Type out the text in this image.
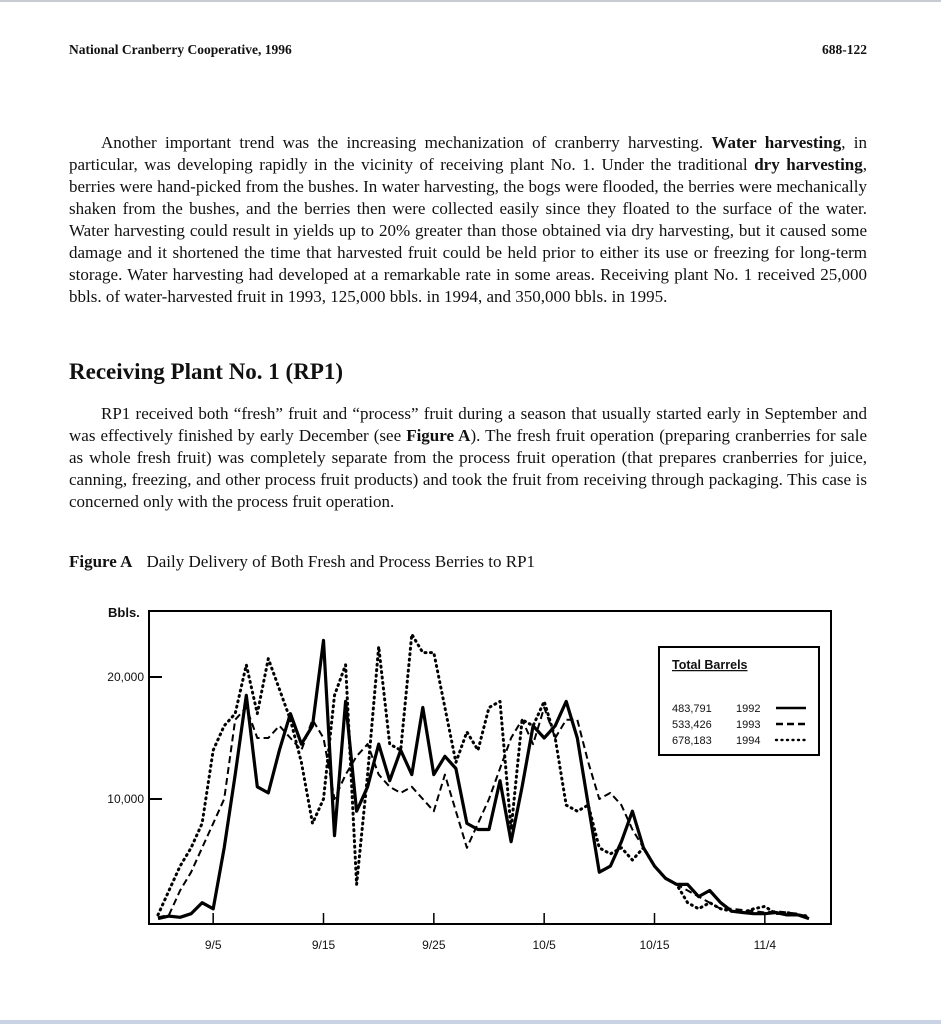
National Cranberry Cooperative, 1996	688-122

Another important trend was the increasing mechanization of cranberry harvesting. Water harvesting, in particular, was developing rapidly in the vicinity of receiving plant No. 1. Under the traditional dry harvesting, berries were hand-picked from the bushes. In water harvesting, the bogs were flooded, the berries were mechanically shaken from the bushes, and the berries then were collected easily since they floated to the surface of the water. Water harvesting could result in yields up to 20% greater than those obtained via dry harvesting, but it caused some damage and it shortened the time that harvested fruit could be held prior to either its use or freezing for long-term storage. Water harvesting had developed at a remarkable rate in some areas. Receiving plant No. 1 received 25,000 bbls. of water-harvested fruit in 1993, 125,000 bbls. in 1994, and 350,000 bbls. in 1995.

Receiving Plant No. 1 (RP1)

RP1 received both “fresh” fruit and “process” fruit during a season that usually started early in September and was effectively finished by early December (see Figure A). The fresh fruit operation (preparing cranberries for sale as whole fresh fruit) was completely separate from the process fruit operation (that prepares cranberries for juice, canning, freezing, and other process fruit products) and took the fruit from receiving through packaging. This case is concerned only with the process fruit operation.

Figure A Daily Delivery of Both Fresh and Process Berries to RP1
Bbls.
10,000
20,000
9/5	9/15	9/25	10/5	10/15	11/4
Total Barrels
483,791 1992
533,426 1993
678,183 1994
